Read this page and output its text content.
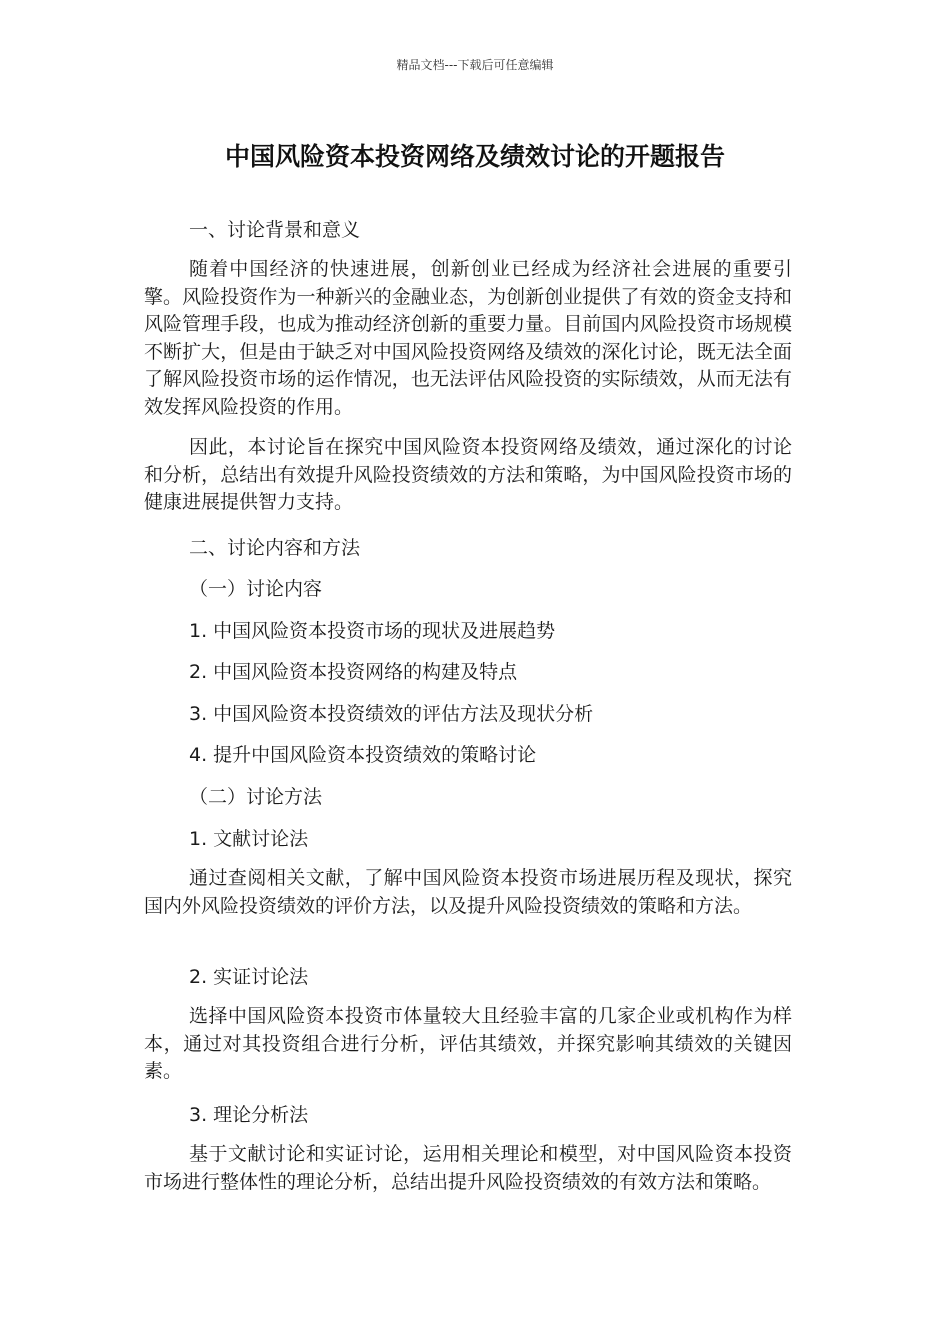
精品文档---下载后可任意编辑
中国风险资本投资网络及绩效讨论的开题报告
一、讨论背景和意义

随着中国经济的快速进展，创新创业已经成为经济社会进展的重要引擎。风险投资作为一种新兴的金融业态，为创新创业提供了有效的资金支持和风险管理手段，也成为推动经济创新的重要力量。目前国内风险投资市场规模不断扩大，但是由于缺乏对中国风险投资网络及绩效的深化讨论，既无法全面了解风险投资市场的运作情况，也无法评估风险投资的实际绩效，从而无法有效发挥风险投资的作用。

因此，本讨论旨在探究中国风险资本投资网络及绩效，通过深化的讨论和分析，总结出有效提升风险投资绩效的方法和策略，为中国风险投资市场的健康进展提供智力支持。

二、讨论内容和方法
（一）讨论内容
1. 中国风险资本投资市场的现状及进展趋势
2. 中国风险资本投资网络的构建及特点
3. 中国风险资本投资绩效的评估方法及现状分析
4. 提升中国风险资本投资绩效的策略讨论
（二）讨论方法
1. 文献讨论法

通过查阅相关文献，了解中国风险资本投资市场进展历程及现状，探究国内外风险投资绩效的评价方法，以及提升风险投资绩效的策略和方法。

2. 实证讨论法

选择中国风险资本投资市体量较大且经验丰富的几家企业或机构作为样本，通过对其投资组合进行分析，评估其绩效，并探究影响其绩效的关键因素。

3. 理论分析法

基于文献讨论和实证讨论，运用相关理论和模型，对中国风险资本投资市场进行整体性的理论分析，总结出提升风险投资绩效的有效方法和策略。
